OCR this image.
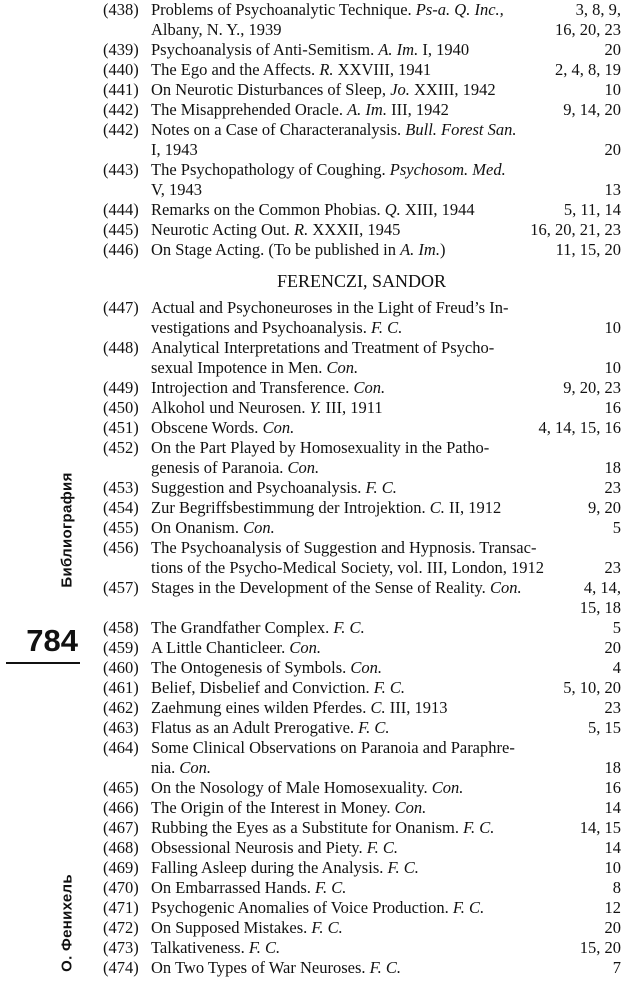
Библиография
784
О. Фенихель
(438) Problems of Psychoanalytic Technique. Ps-a. Q. Inc.,	3, 8, 9,
Albany, N. Y., 1939	16, 20, 23
(439) Psychoanalysis of Anti-Semitism. A. Im. I, 1940	20
(440) The Ego and the Affects. R. XXVIII, 1941	2, 4, 8, 19
(441) On Neurotic Disturbances of Sleep, Jo. XXIII, 1942	10
(442) The Misapprehended Oracle. A. Im. III, 1942	9, 14, 20
(442) Notes on a Case of Characteranalysis. Bull. Forest San.
I, 1943	20
(443) The Psychopathology of Coughing. Psychosom. Med.
V, 1943	13
(444) Remarks on the Common Phobias. Q. XIII, 1944	5, 11, 14
(445) Neurotic Acting Out. R. XXXII, 1945	16, 20, 21, 23
(446) On Stage Acting. (To be published in A. Im.)	11, 15, 20
FERENCZI, SANDOR
(447) Actual and Psychoneuroses in the Light of Freud’s In-
vestigations and Psychoanalysis. F. C.	10
(448) Analytical Interpretations and Treatment of Psycho-
sexual Impotence in Men. Con.	10
(449) Introjection and Transference. Con.	9, 20, 23
(450) Alkohol und Neurosen. Y. III, 1911	16
(451) Obscene Words. Con.	4, 14, 15, 16
(452) On the Part Played by Homosexuality in the Patho-
genesis of Paranoia. Con.	18
(453) Suggestion and Psychoanalysis. F. C.	23
(454) Zur Begriffsbestimmung der Introjektion. C. II, 1912	9, 20
(455) On Onanism. Con.	5
(456) The Psychoanalysis of Suggestion and Hypnosis. Transac-
tions of the Psycho-Medical Society, vol. III, London, 1912	23
(457) Stages in the Development of the Sense of Reality. Con.	4, 14,
15, 18
(458) The Grandfather Complex. F. C.	5
(459) A Little Chanticleer. Con.	20
(460) The Ontogenesis of Symbols. Con.	4
(461) Belief, Disbelief and Conviction. F. C.	5, 10, 20
(462) Zaehmung eines wilden Pferdes. C. III, 1913	23
(463) Flatus as an Adult Prerogative. F. C.	5, 15
(464) Some Clinical Observations on Paranoia and Paraphre-
nia. Con.	18
(465) On the Nosology of Male Homosexuality. Con.	16
(466) The Origin of the Interest in Money. Con.	14
(467) Rubbing the Eyes as a Substitute for Onanism. F. C.	14, 15
(468) Obsessional Neurosis and Piety. F. C.	14
(469) Falling Asleep during the Analysis. F. C.	10
(470) On Embarrassed Hands. F. C.	8
(471) Psychogenic Anomalies of Voice Production. F. C.	12
(472) On Supposed Mistakes. F. C.	20
(473) Talkativeness. F. C.	15, 20
(474) On Two Types of War Neuroses. F. C.	7
